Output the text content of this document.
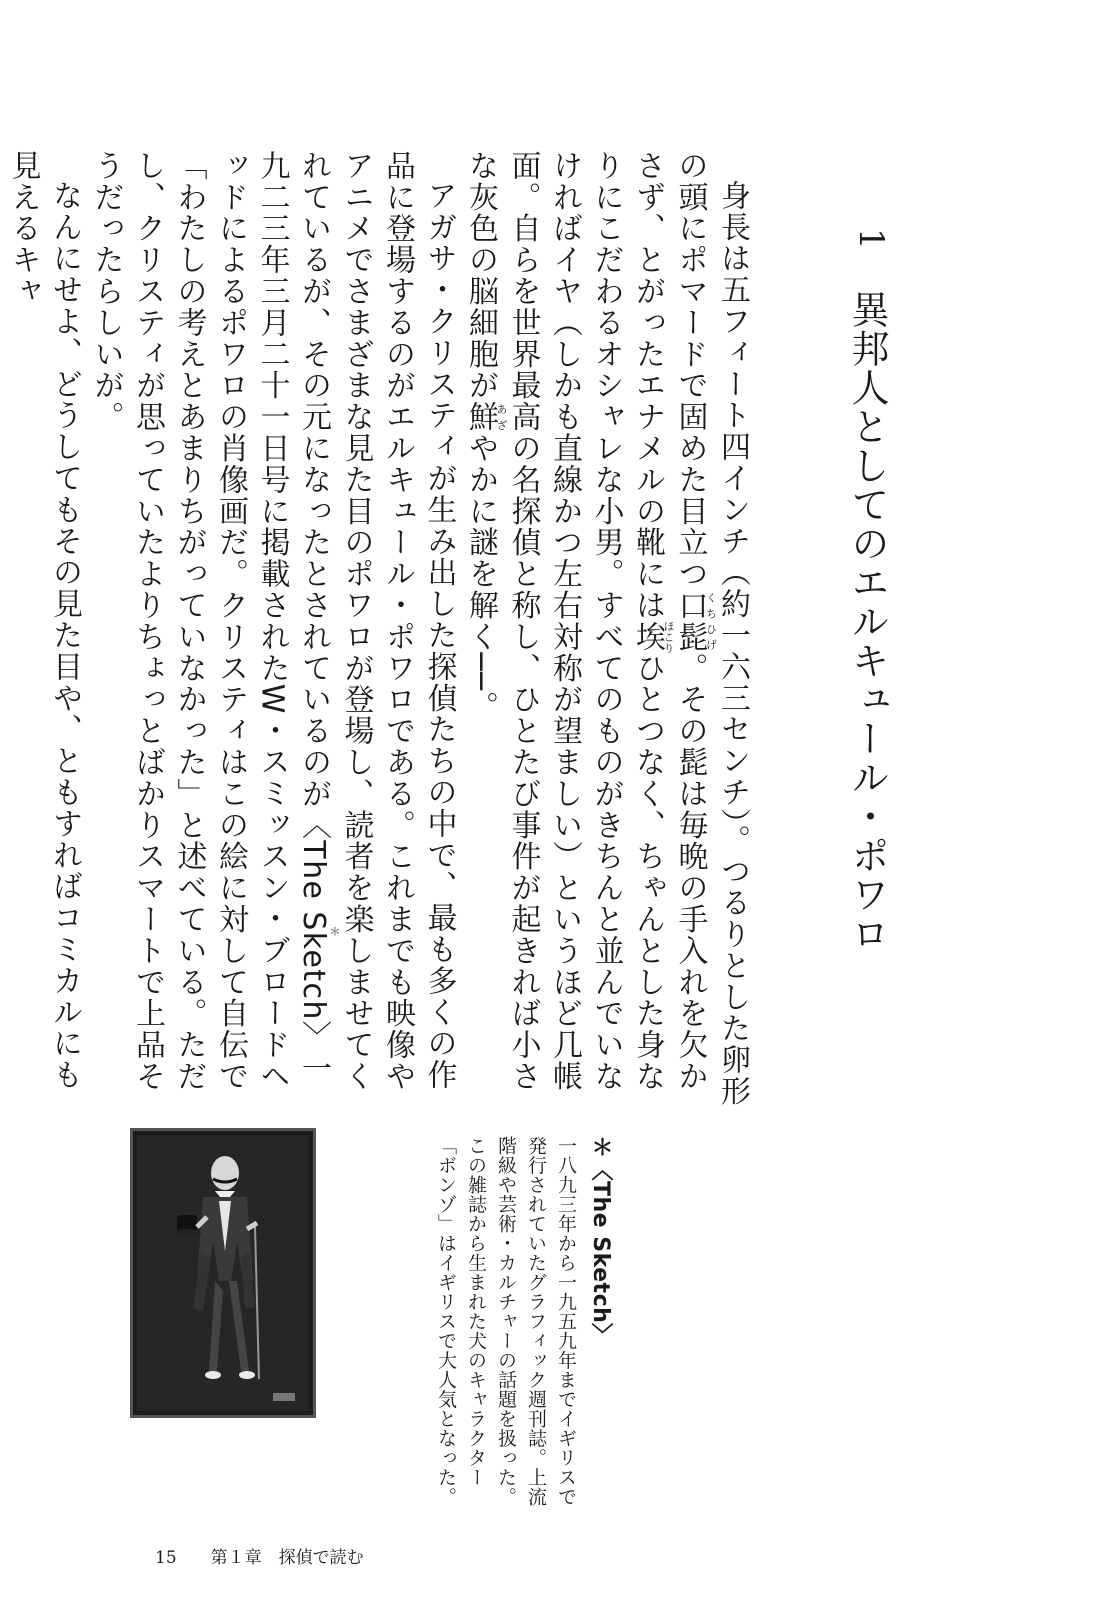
1
異邦人としてのエルキュール・ポワロ

身長は五フィート四インチ（約一六三センチ）。つるりとした卵形の頭にポマードで固めた目立つ口髭くちひげ。その髭は毎晩の手入れを欠かさず、とがったエナメルの靴には埃ほこりひとつなく、ちゃんとした身なりにこだわるオシャレな小男。すべてのものがきちんと並んでいなければイヤ（しかも直線かつ左右対称が望ましい）というほど几帳面。自らを世界最高の名探偵と称し、ひとたび事件が起きれば小さな灰色の脳細胞が鮮あざやかに謎を解く──。

アガサ・クリスティが生み出した探偵たちの中で、最も多くの作品に登場するのがエルキュール・ポワロである。これまでも映像やアニメでさまざまな見た目のポワロが登場し、読者を楽しませてくれているが、その元になったとされているのが〈The Sketch〉＊一九二三年三月二十一日号に掲載されたW・スミッスン・ブロードヘッドによるポワロの肖像画だ。クリスティはこの絵に対して自伝で「わたしの考えとあまりちがっていなかった」と述べている。ただし、クリスティが思っていたよりちょっとばかりスマートで上品そうだったらしいが。

なんにせよ、どうしてもその見た目や、ともすればコミカルにも見えるキャ

＊〈The Sketch〉
一八九三年から一九五九年までイギリスで発行されていたグラフィック週刊誌。上流階級や芸術・カルチャーの話題を扱った。この雑誌から生まれた犬のキャラクター「ボンゾ」はイギリスで大人気となった。
15 第１章　探偵で読む
